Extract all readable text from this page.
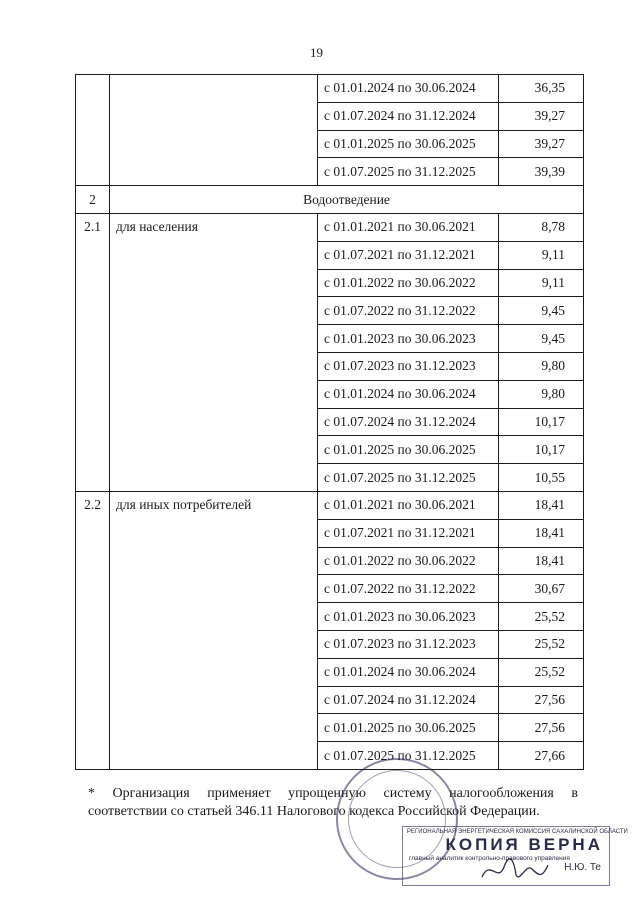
19
		с 01.01.2024 по 30.06.2024	36,35
		с 01.07.2024 по 31.12.2024	39,27
		с 01.01.2025 по 30.06.2025	39,27
		с 01.07.2025 по 31.12.2025	39,39
2	Водоотведение		
2.1	для населения	с 01.01.2021 по 30.06.2021	8,78
		с 01.07.2021 по 31.12.2021	9,11
		с 01.01.2022 по 30.06.2022	9,11
		с 01.07.2022 по 31.12.2022	9,45
		с 01.01.2023 по 30.06.2023	9,45
		с 01.07.2023 по 31.12.2023	9,80
		с 01.01.2024 по 30.06.2024	9,80
		с 01.07.2024 по 31.12.2024	10,17
		с 01.01.2025 по 30.06.2025	10,17
		с 01.07.2025 по 31.12.2025	10,55
2.2	для иных потребителей	с 01.01.2021 по 30.06.2021	18,41
		с 01.07.2021 по 31.12.2021	18,41
		с 01.01.2022 по 30.06.2022	18,41
		с 01.07.2022 по 31.12.2022	30,67
		с 01.01.2023 по 30.06.2023	25,52
		с 01.07.2023 по 31.12.2023	25,52
		с 01.01.2024 по 30.06.2024	25,52
		с 01.07.2024 по 31.12.2024	27,56
		с 01.01.2025 по 30.06.2025	27,56
		с 01.07.2025 по 31.12.2025	27,66
* Организация применяет упрощенную систему налогообложения в
соответствии со статьей 346.11 Налогового кодекса Российской Федерации.
РЕГИОНАЛЬНАЯ ЭНЕРГЕТИЧЕСКАЯ КОМИССИЯ САХАЛИНСКОЙ ОБЛАСТИ
КОПИЯ ВЕРНА
главный аналитик контрольно-правового управления
Н.Ю. Те
